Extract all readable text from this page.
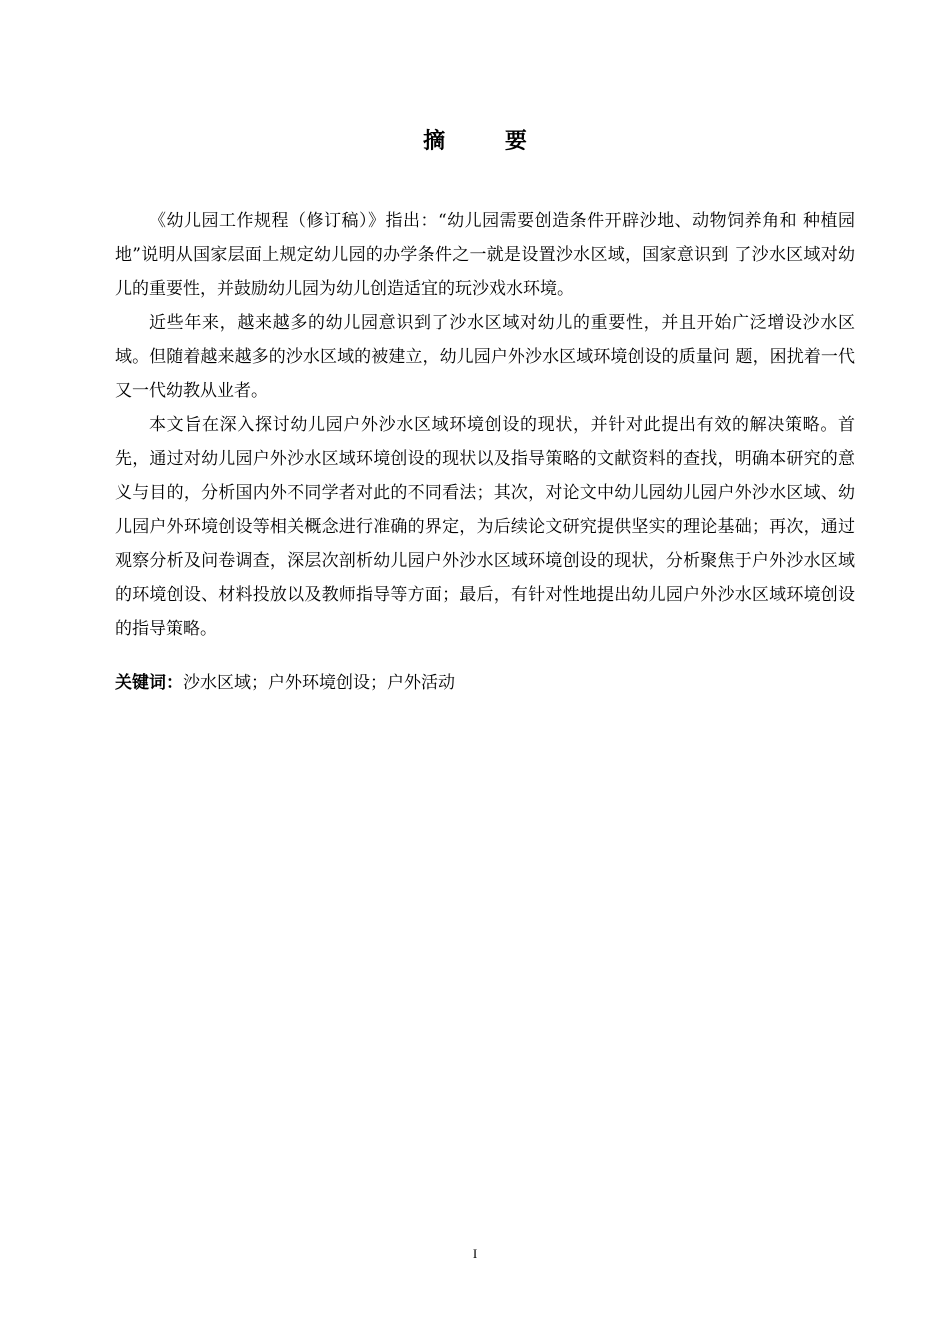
摘 要

《幼儿园工作规程（修订稿）》指出：“幼儿园需要创造条件开辟沙地、动物饲养角和 种植园地”说明从国家层面上规定幼儿园的办学条件之一就是设置沙水区域，国家意识到 了沙水区域对幼儿的重要性，并鼓励幼儿园为幼儿创造适宜的玩沙戏水环境。

近些年来，越来越多的幼儿园意识到了沙水区域对幼儿的重要性，并且开始广泛增设沙水区域。但随着越来越多的沙水区域的被建立，幼儿园户外沙水区域环境创设的质量问 题，困扰着一代又一代幼教从业者。

本文旨在深入探讨幼儿园户外沙水区域环境创设的现状，并针对此提出有效的解决策略。首先，通过对幼儿园户外沙水区域环境创设的现状以及指导策略的文献资料的查找，明确本研究的意义与目的，分析国内外不同学者对此的不同看法；其次，对论文中幼儿园幼儿园户外沙水区域、幼儿园户外环境创设等相关概念进行准确的界定，为后续论文研究提供坚实的理论基础；再次，通过观察分析及问卷调查，深层次剖析幼儿园户外沙水区域环境创设的现状，分析聚焦于户外沙水区域的环境创设、材料投放以及教师指导等方面；最后，有针对性地提出幼儿园户外沙水区域环境创设的指导策略。

关键词：沙水区域；户外环境创设；户外活动
I
